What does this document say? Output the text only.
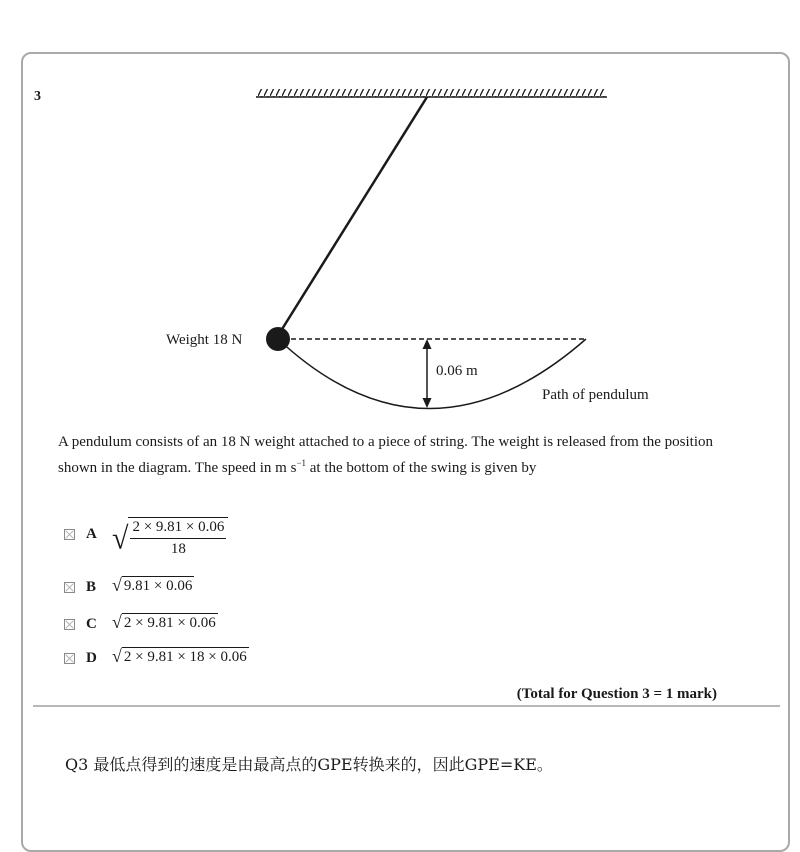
3
Weight 18 N
0.06 m
Path of pendulum
A pendulum consists of an 18 N weight attached to a piece of string. The weight is released from the position shown in the diagram. The speed in m $s^{-1}$ at the bottom of the swing is given by
A √ $\frac{2 \times 9.81 \times 0.06}{18}$
B √ 9.81 × 0.06
C √ 2 × 9.81 × 0.06
D √ 2 × 9.81 × 18 × 0.06
(Total for Question 3 = 1 mark)
Q3 最低点得到的速度是由最高点的GPE转换来的，因此GPE=KE。
